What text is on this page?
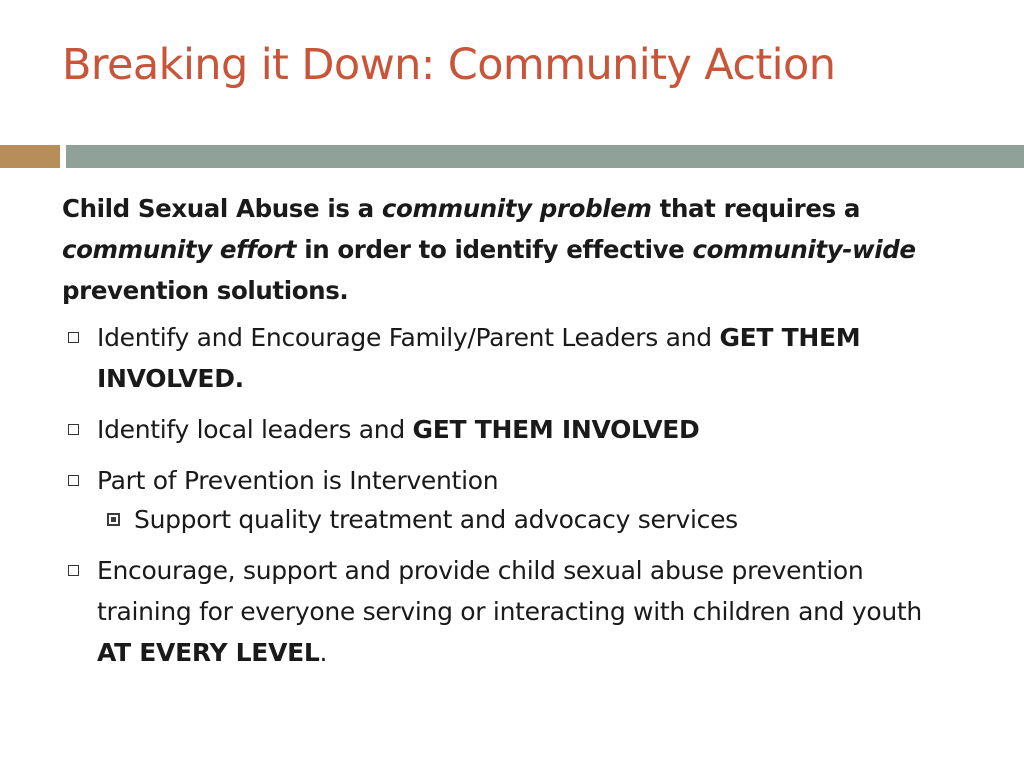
Breaking it Down: Community Action

Child Sexual Abuse is a community problem that requires a community effort in order to identify effective community-wide prevention solutions.

Identify and Encourage Family/Parent Leaders and GET THEM INVOLVED.
Identify local leaders and GET THEM INVOLVED
Part of Prevention is Intervention
Support quality treatment and advocacy services
Encourage, support and provide child sexual abuse prevention training for everyone serving or interacting with children and youth AT EVERY LEVEL.
